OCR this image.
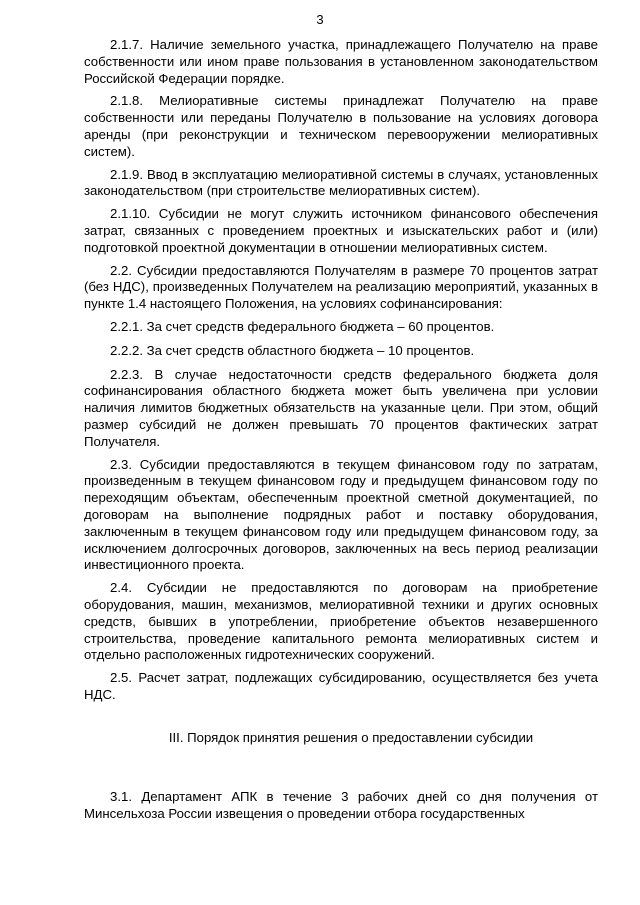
3

2.1.7. Наличие земельного участка, принадлежащего Получателю на праве собственности или ином праве пользования в установленном законодательством Российской Федерации порядке.

2.1.8. Мелиоративные системы принадлежат Получателю на праве собственности или переданы Получателю в пользование на условиях договора аренды (при реконструкции и техническом перевооружении мелиоративных систем).

2.1.9. Ввод в эксплуатацию мелиоративной системы в случаях, установленных законодательством (при строительстве мелиоративных систем).

2.1.10. Субсидии не могут служить источником финансового обеспечения затрат, связанных с проведением проектных и изыскательских работ и (или) подготовкой проектной документации в отношении мелиоративных систем.

2.2. Субсидии предоставляются Получателям в размере 70 процентов затрат (без НДС), произведенных Получателем на реализацию мероприятий, указанных в пункте 1.4 настоящего Положения, на условиях софинансирования:

2.2.1. За счет средств федерального бюджета – 60 процентов.

2.2.2. За счет средств областного бюджета – 10 процентов.

2.2.3. В случае недостаточности средств федерального бюджета доля софинансирования областного бюджета может быть увеличена при условии наличия лимитов бюджетных обязательств на указанные цели. При этом, общий размер субсидий не должен превышать 70 процентов фактических затрат Получателя.

2.3. Субсидии предоставляются в текущем финансовом году по затратам, произведенным в текущем финансовом году и предыдущем финансовом году по переходящим объектам, обеспеченным проектной сметной документацией, по договорам на выполнение подрядных работ и поставку оборудования, заключенным в текущем финансовом году или предыдущем финансовом году, за исключением долгосрочных договоров, заключенных на весь период реализации инвестиционного проекта.

2.4. Субсидии не предоставляются по договорам на приобретение оборудования, машин, механизмов, мелиоративной техники и других основных средств, бывших в употреблении, приобретение объектов незавершенного строительства, проведение капитального ремонта мелиоративных систем и отдельно расположенных гидротехнических сооружений.

2.5. Расчет затрат, подлежащих субсидированию, осуществляется без учета НДС.

III. Порядок принятия решения о предоставлении субсидии

3.1. Департамент АПК в течение 3 рабочих дней со дня получения от Минсельхоза России извещения о проведении отбора государственных
